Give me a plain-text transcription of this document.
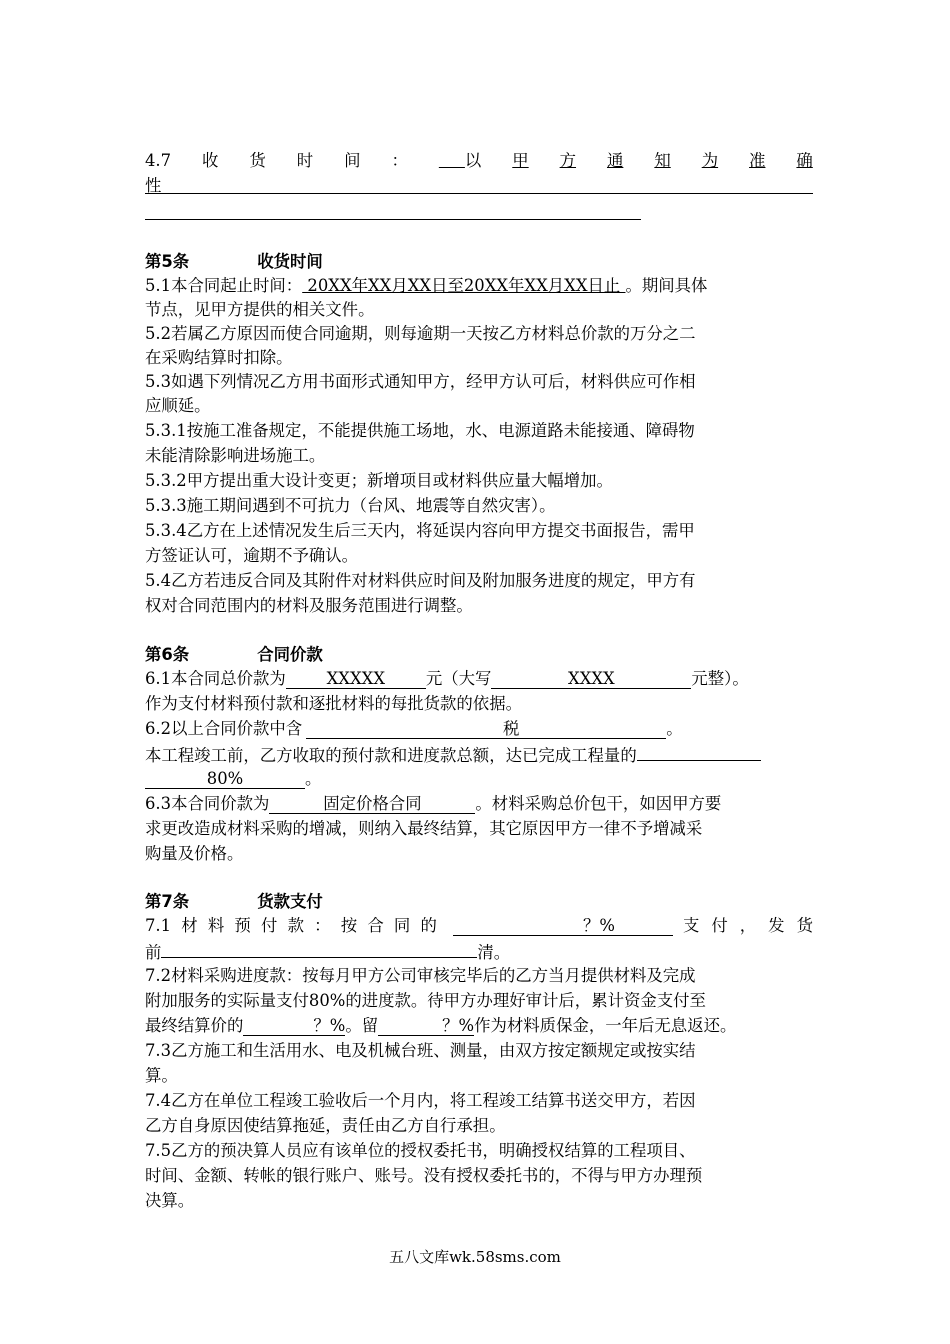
4.7 收 货 时 间 ：	以 甲 方 通 知 为 准 确
性
第5条	收货时间
5.1本合同起止时间： 20XX年XX月XX日至20XX年XX月XX日止 。期间具体
节点，见甲方提供的相关文件。
5.2若属乙方原因而使合同逾期，则每逾期一天按乙方材料总价款的万分之二
在采购结算时扣除。
5.3如遇下列情况乙方用书面形式通知甲方，经甲方认可后，材料供应可作相
应顺延。
5.3.1按施工准备规定，不能提供施工场地，水、电源道路未能接通、障碍物
未能清除影响进场施工。
5.3.2甲方提出重大设计变更；新增项目或材料供应量大幅增加。
5.3.3施工期间遇到不可抗力（台风、地震等自然灾害）。
5.3.4乙方在上述情况发生后三天内，将延误内容向甲方提交书面报告，需甲
方签证认可，逾期不予确认。
5.4乙方若违反合同及其附件对材料供应时间及附加服务进度的规定，甲方有
权对合同范围内的材料及服务范围进行调整。
第6条	合同价款
6.1本合同总价款为 XXXXX 元（大写	XXXX	元整）。
作为支付材料预付款和逐批材料的每批货款的依据。
6.2以上合同价款中含	税	。
本工程竣工前，乙方收取的预付款和进度款总额，达已完成工程量的
80%	。
6.3本合同价款为	固定价格合同	。材料采购总价包干，如因甲方要
求更改造成材料采购的增减，则纳入最终结算，其它原因甲方一律不予增减采
购量及价格。
第7条	货款支付
7.1 材 料 预 付 款 ： 按 合 同 的	？%	支 付 ， 发 货
前	清。
7.2材料采购进度款：按每月甲方公司审核完毕后的乙方当月提供材料及完成
附加服务的实际量支付80%的进度款。待甲方办理好审计后，累计资金支付至
最终结算价的	？%。留	？%作为材料质保金，一年后无息返还。
7.3乙方施工和生活用水、电及机械台班、测量，由双方按定额规定或按实结
算。
7.4乙方在单位工程竣工验收后一个月内，将工程竣工结算书送交甲方，若因
乙方自身原因使结算拖延，责任由乙方自行承担。
7.5乙方的预决算人员应有该单位的授权委托书，明确授权结算的工程项目、
时间、金额、转帐的银行账户、账号。没有授权委托书的，不得与甲方办理预
决算。
五八文库wk.58sms.com
